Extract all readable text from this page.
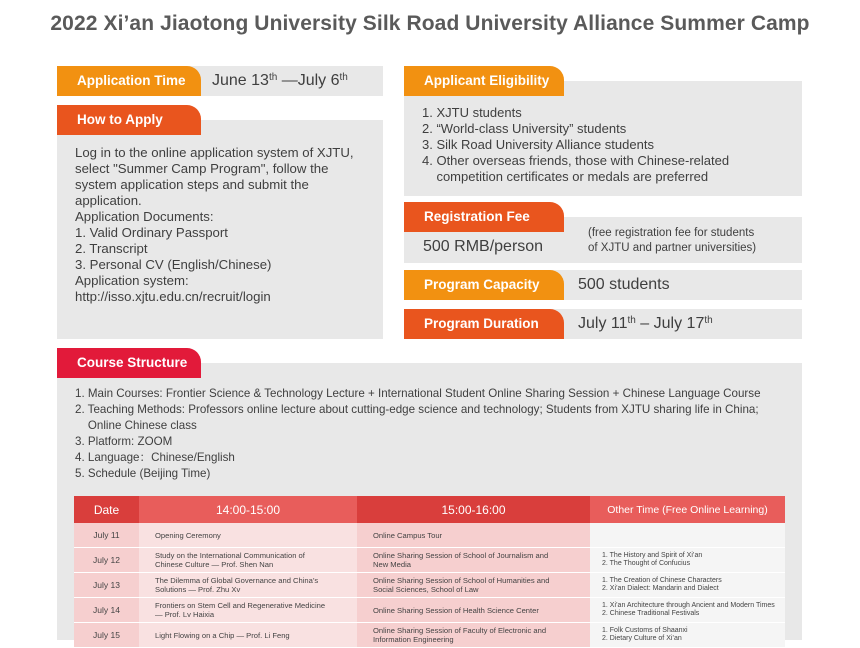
2022 Xi’an Jiaotong University Silk Road University Alliance Summer Camp
Application Time	June 13th —July 6th
How to Apply
Log in to the online application system of XJTU,
select "Summer Camp Program", follow the
system application steps and submit the
application.
Application Documents:
1. Valid Ordinary Passport
2. Transcript
3. Personal CV (English/Chinese)
Application system:
http://isso.xjtu.edu.cn/recruit/login
Applicant Eligibility
1. XJTU students
2. “World-class University” students
3. Silk Road University Alliance students
4. Other overseas friends, those with Chinese-related
competition certificates or medals are preferred
Registration Fee
500 RMB/person
(free registration fee for students
of XJTU and partner universities)
Program Capacity	500 students
Program Duration	July 11th – July 17th
Course Structure
1. Main Courses: Frontier Science & Technology Lecture + International Student Online Sharing Session + Chinese Language Course
2. Teaching Methods: Professors online lecture about cutting-edge science and technology; Students from XJTU sharing life in China;
Online Chinese class
3. Platform: ZOOM
4. Language：Chinese/English
5. Schedule (Beijing Time)
Date	14:00-15:00	15:00-16:00	Other Time (Free Online Learning)
July 11	Opening Ceremony	Online Campus Tour	

July 12	Study on the International Communication of
Chinese Culture — Prof. Shen Nan	Online Sharing Session of School of Journalism and
New Media	1. The History and Spirit of Xi’an
2. The Thought of Confucius

July 13	The Dilemma of Global Governance and China’s
Solutions — Prof. Zhu Xv	Online Sharing Session of School of Humanities and
Social Sciences, School of Law	1. The Creation of Chinese Characters
2. Xi’an Dialect: Mandarin and Dialect

July 14	Frontiers on Stem Cell and Regenerative Medicine
— Prof. Lv Haixia	Online Sharing Session of Health Science Center	1. Xi’an Architecture through Ancient and Modern Times
2. Chinese Traditional Festivals

July 15	Light Flowing on a Chip — Prof. Li Feng	Online Sharing Session of Faculty of Electronic and
Information Engineering	1. Folk Customs of Shaanxi
2. Dietary Culture of Xi’an
